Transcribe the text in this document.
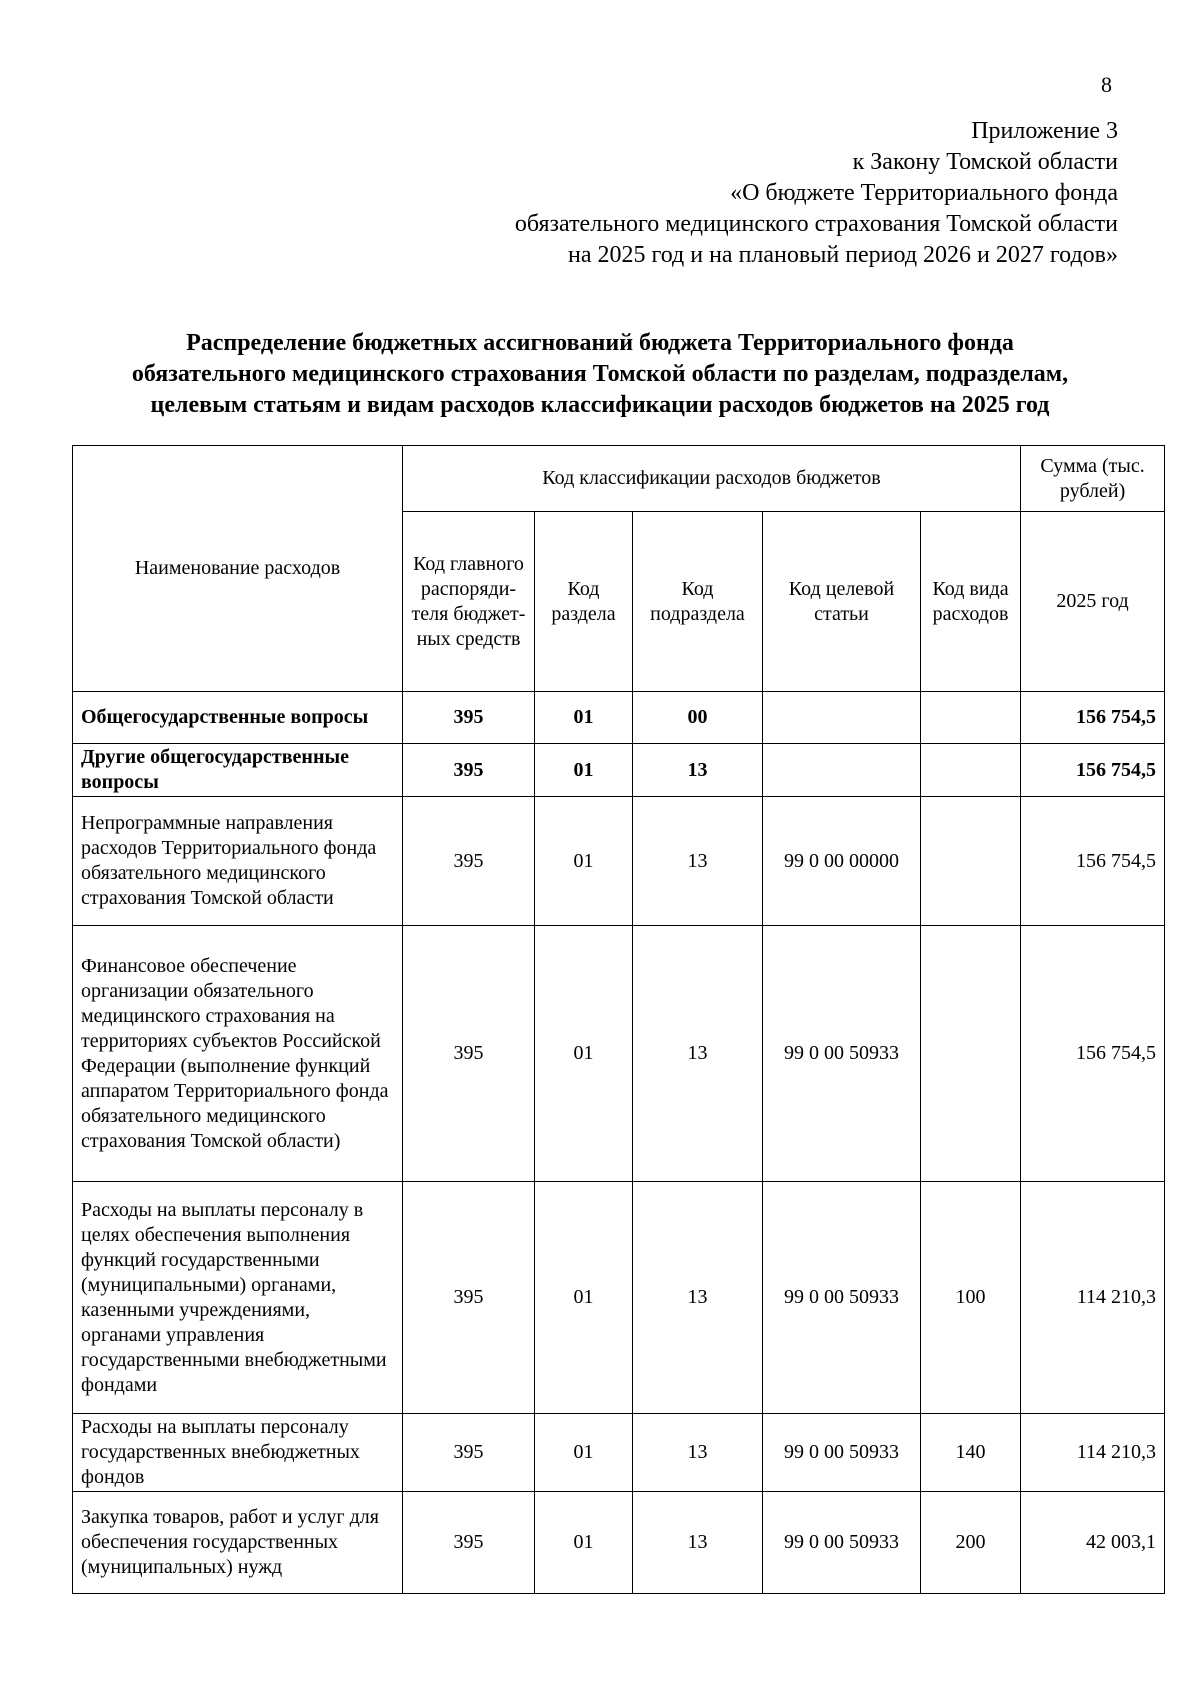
8
Приложение 3
к Закону Томской области
«О бюджете Территориального фонда
обязательного медицинского страхования Томской области
на 2025 год и на плановый период 2026 и 2027 годов»
Распределение бюджетных ассигнований бюджета Территориального фонда
обязательного медицинского страхования Томской области по разделам, подразделам,
целевым статьям и видам расходов классификации расходов бюджетов на 2025 год
Наименование расходов	Код классификации расходов бюджетов					Сумма (тыс. рублей)
	Код главного распоряди-теля бюджет-ных средств	Код раздела	Код подраздела	Код целевой статьи	Код вида расходов	2025 год
Общегосударственные вопросы	395	01	00			156 754,5
Другие общегосударственные вопросы	395	01	13			156 754,5
Непрограммные направления расходов Территориального фонда обязательного медицинского страхования Томской области	395	01	13	99 0 00 00000		156 754,5
Финансовое обеспечение организации обязательного медицинского страхования на территориях субъектов Российской Федерации (выполнение функций аппаратом Территориального фонда обязательного медицинского страхования Томской области)	395	01	13	99 0 00 50933		156 754,5
Расходы на выплаты персоналу в целях обеспечения выполнения функций государственными (муниципальными) органами, казенными учреждениями, органами управления государственными внебюджетными фондами	395	01	13	99 0 00 50933	100	114 210,3
Расходы на выплаты персоналу государственных внебюджетных фондов	395	01	13	99 0 00 50933	140	114 210,3
Закупка товаров, работ и услуг для обеспечения государственных (муниципальных) нужд	395	01	13	99 0 00 50933	200	42 003,1
